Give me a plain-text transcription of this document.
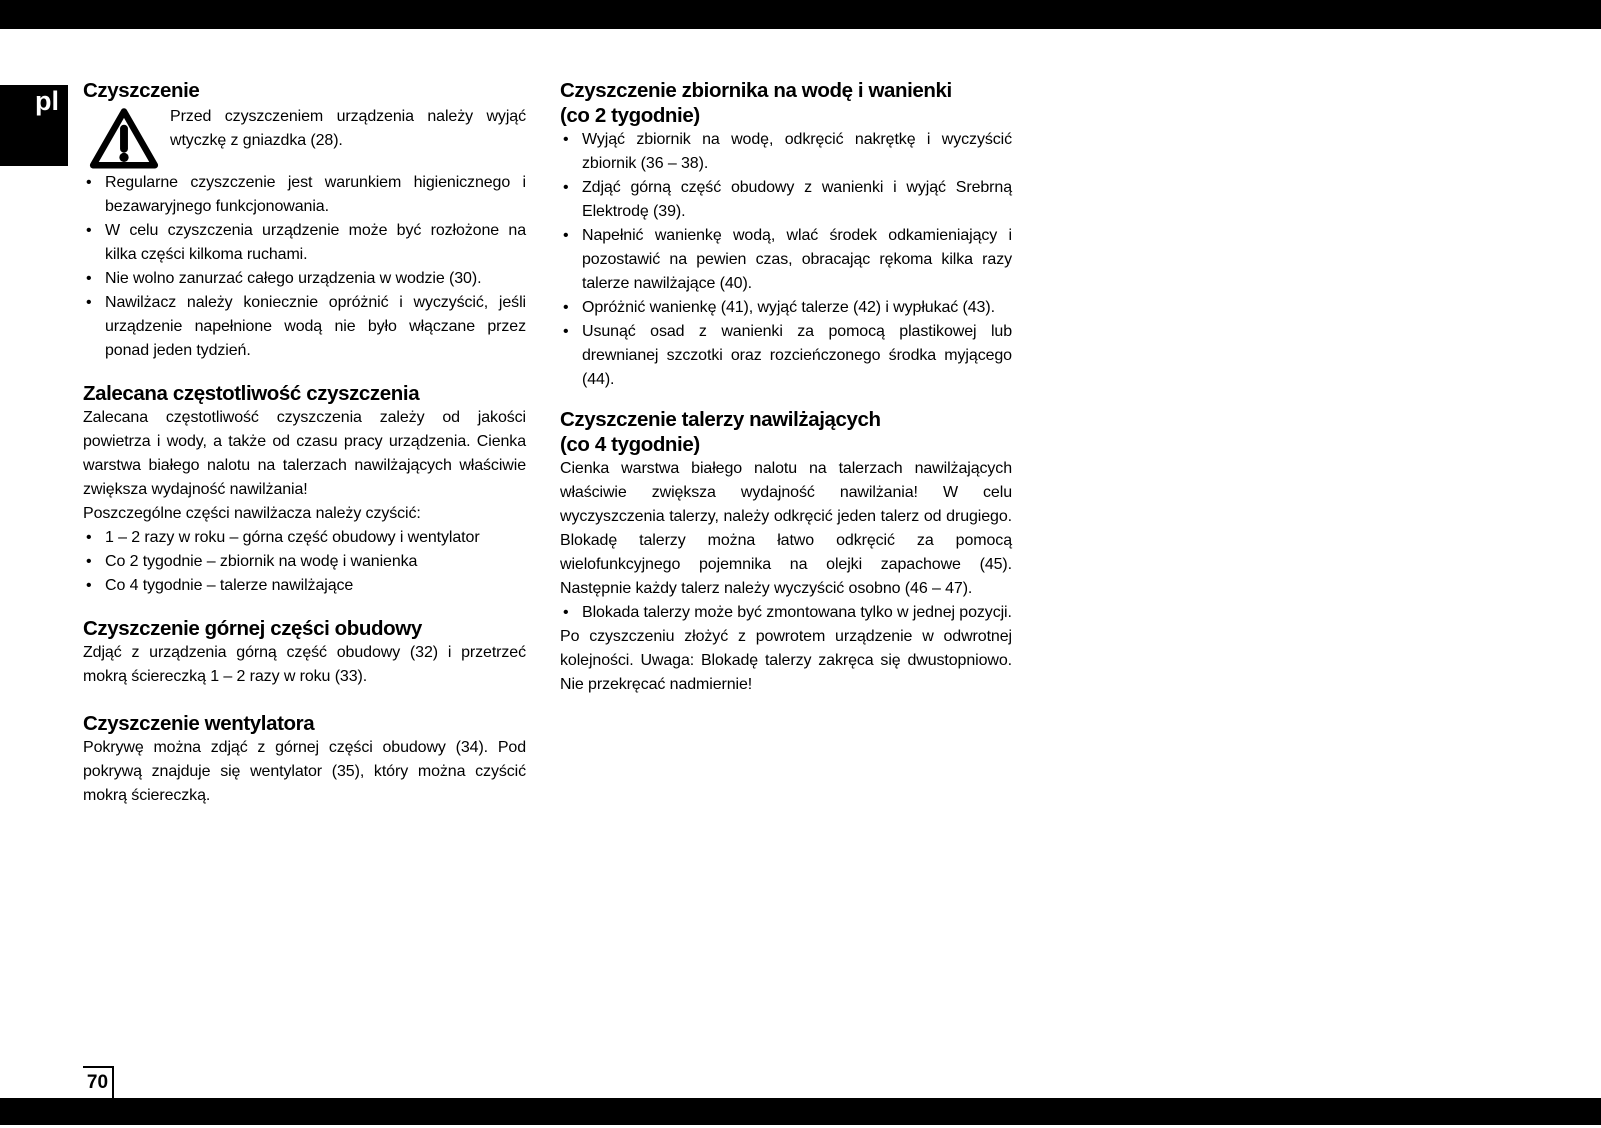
pl	Czyszczenie

Przed czyszczeniem urządzenia należy wyjąć wtyczkę z gniazdka (28).

• Regularne czyszczenie jest warunkiem higienicznego i bezawaryjnego funkcjonowania.
• W celu czyszczenia urządzenie może być rozłożone na kilka części kilkoma ruchami.
• Nie wolno zanurzać całego urządzenia w wodzie (30).
• Nawilżacz należy koniecznie opróżnić i wyczyścić, jeśli urządzenie napełnione wodą nie było włączane przez ponad jeden tydzień.
Zalecana częstotliwość czyszczenia

Zalecana częstotliwość czyszczenia zależy od jakości powietrza i wody, a także od czasu pracy urządzenia. Cienka warstwa białego nalotu na talerzach nawilżających właściwie zwiększa wydajność nawilżania!

Poszczególne części nawilżacza należy czyścić:

• 1 – 2 razy w roku – górna część obudowy i wentylator
• Co 2 tygodnie – zbiornik na wodę i wanienka
• Co 4 tygodnie – talerze nawilżające
Czyszczenie górnej części obudowy

Zdjąć z urządzenia górną część obudowy (32) i przetrzeć mokrą ściereczką 1 – 2 razy w roku (33).

Czyszczenie wentylatora

Pokrywę można zdjąć z górnej części obudowy (34). Pod pokrywą znajduje się wentylator (35), który można czyścić mokrą ściereczką.

Czyszczenie zbiornika na wodę i wanienki
(co 2 tygodnie)
• Wyjąć zbiornik na wodę, odkręcić nakrętkę i wyczyścić zbiornik (36 – 38).
• Zdjąć górną część obudowy z wanienki i wyjąć Srebrną Elektrodę (39).
• Napełnić wanienkę wodą, wlać środek odkamieniający i pozostawić na pewien czas, obracając rękoma kilka razy talerze nawilżające (40).
• Opróżnić wanienkę (41), wyjąć talerze (42) i wypłukać (43).
• Usunąć osad z wanienki za pomocą plastikowej lub drewnianej szczotki oraz rozcieńczonego środka myjącego (44).
Czyszczenie talerzy nawilżających
(co 4 tygodnie)

Cienka warstwa białego nalotu na talerzach nawilżających właściwie zwiększa wydajność nawilżania! W celu wyczyszczenia talerzy, należy odkręcić jeden talerz od drugiego. Blokadę talerzy można łatwo odkręcić za pomocą wielofunkcyjnego pojemnika na olejki zapachowe (45). Następnie każdy talerz należy wyczyścić osobno (46 – 47).

• Blokada talerzy może być zmontowana tylko w jednej pozycji.

Po czyszczeniu złożyć z powrotem urządzenie w odwrotnej kolejności. Uwaga: Blokadę talerzy zakręca się dwustopniowo. Nie przekręcać nadmiernie!

70
